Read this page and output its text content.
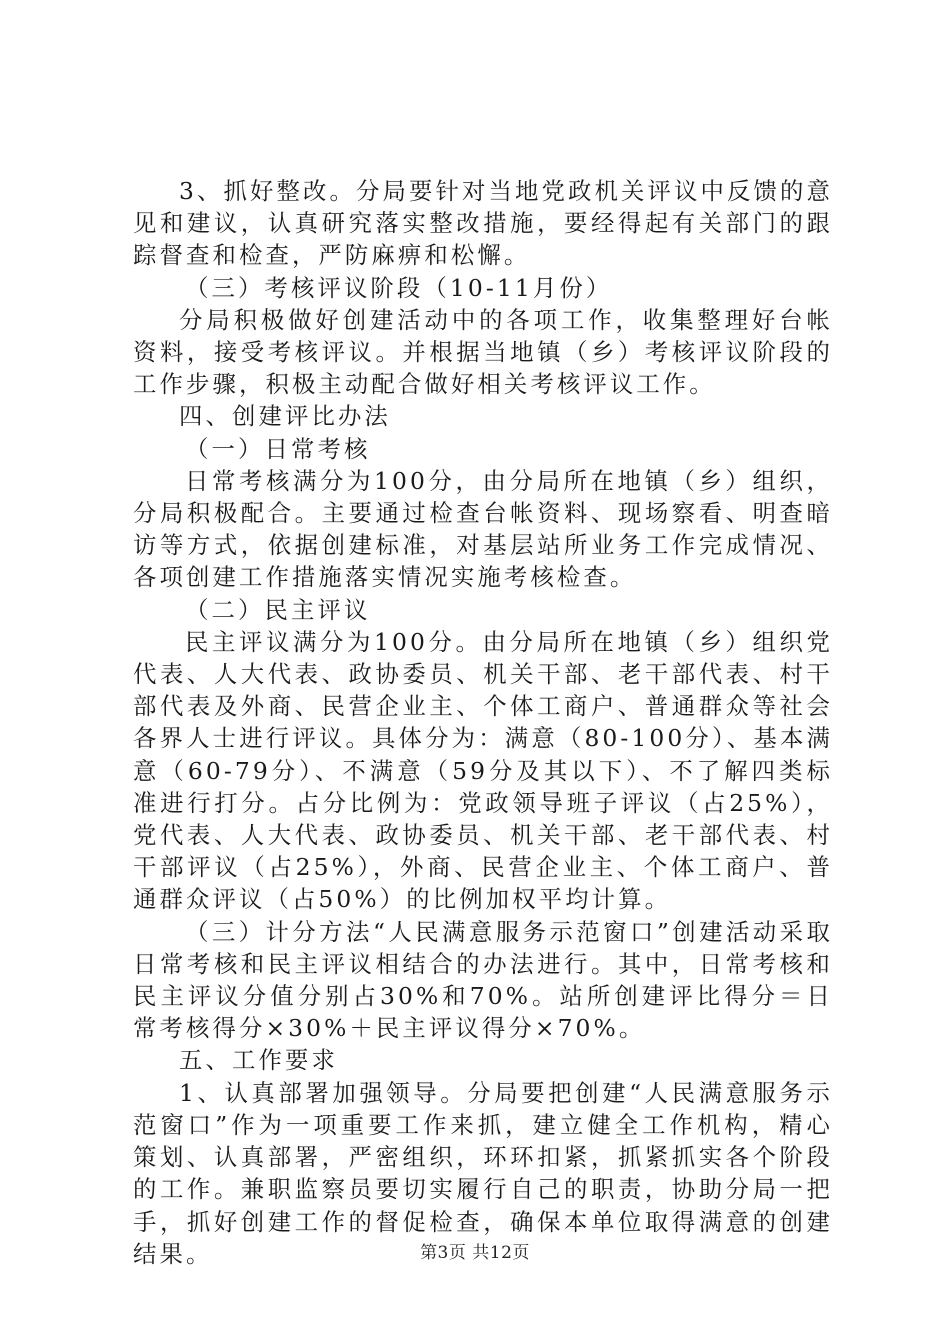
3、抓好整改。分局要针对当地党政机关评议中反馈的意见和建议，认真研究落实整改措施，要经得起有关部门的跟踪督查和检查，严防麻痹和松懈。

（三）考核评议阶段（10-11月份）

分局积极做好创建活动中的各项工作，收集整理好台帐资料，接受考核评议。并根据当地镇（乡）考核评议阶段的工作步骤，积极主动配合做好相关考核评议工作。

四、创建评比办法

（一）日常考核

日常考核满分为100分，由分局所在地镇（乡）组织，分局积极配合。主要通过检查台帐资料、现场察看、明查暗访等方式，依据创建标准，对基层站所业务工作完成情况、各项创建工作措施落实情况实施考核检查。

（二）民主评议

民主评议满分为100分。由分局所在地镇（乡）组织党代表、人大代表、政协委员、机关干部、老干部代表、村干部代表及外商、民营企业主、个体工商户、普通群众等社会各界人士进行评议。具体分为：满意（80-100分）、基本满意（60-79分）、不满意（59分及其以下）、不了解四类标准进行打分。占分比例为：党政领导班子评议（占25%），党代表、人大代表、政协委员、机关干部、老干部代表、村干部评议（占25%），外商、民营企业主、个体工商户、普通群众评议（占50%）的比例加权平均计算。

（三）计分方法“人民满意服务示范窗口”创建活动采取日常考核和民主评议相结合的办法进行。其中，日常考核和民主评议分值分别占30%和70%。站所创建评比得分＝日常考核得分×30%＋民主评议得分×70%。

五、工作要求

1、认真部署加强领导。分局要把创建“人民满意服务示范窗口”作为一项重要工作来抓，建立健全工作机构，精心策划、认真部署，严密组织，环环扣紧，抓紧抓实各个阶段的工作。兼职监察员要切实履行自己的职责，协助分局一把手，抓好创建工作的督促检查，确保本单位取得满意的创建结果。	第3页 共12页
